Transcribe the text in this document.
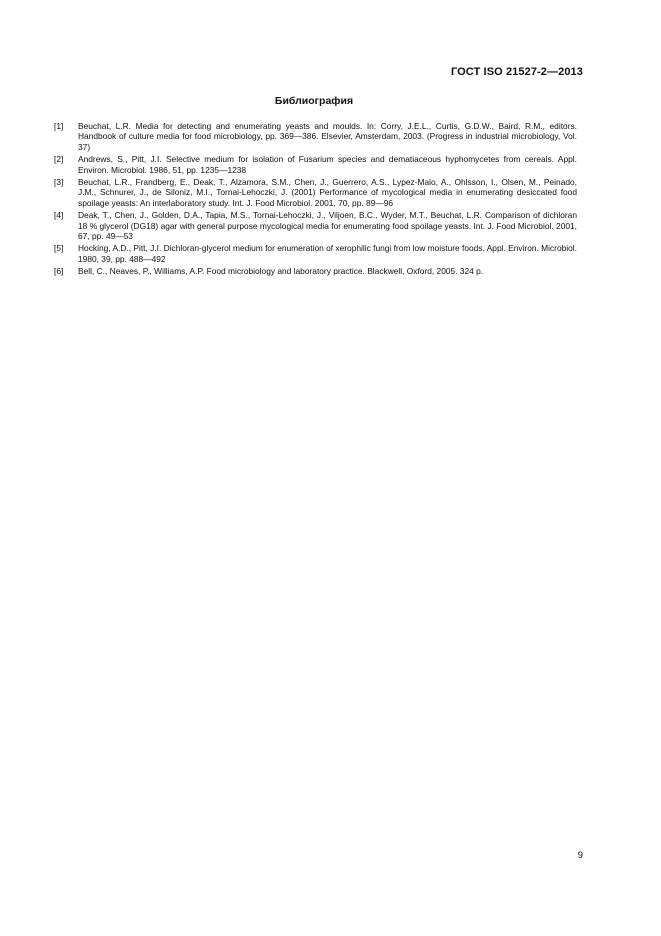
ГОСТ ISO 21527-2—2013
Библиография
[1]	Beuchat, L.R. Media for detecting and enumerating yeasts and moulds. In: Corry, J.E.L., Curtis, G.D.W., Baird, R.M., editors. Handbook of culture media for food microbiology, pp. 369—386. Elsevier, Amsterdam, 2003. (Progress in industrial microbiology, Vol. 37)
[2]	Andrews, S., Pitt, J.I. Selective medium for isolation of Fusarium species and dematiaceous hyphomycetes from cereals. Appl. Environ. Microbiol. 1986, 51, pp. 1235—1238
[3]	Beuchat, L.R., Frandberg, E., Deak, T., Alzamora, S.M., Chen, J., Guerrero, A.S., Lypez-Malo, A., Ohlsson, I., Olsen, M., Peinado, J.M., Schnurer, J., de Siloniz, M.I., Tornai-Lehoczki, J. (2001) Performance of mycological media in enumerating desiccated food spoilage yeasts: An interlaboratory study. Int. J. Food Microbiol. 2001, 70, pp. 89—96
[4]	Deak, T., Chen, J., Golden, D.A., Tapia, M.S., Tornai-Lehoczki, J., Viljoen, B.C., Wyder, M.T., Beuchat, L.R. Comparison of dichloran 18 % glycerol (DG18) agar with general purpose mycological media for enumerating food spoilage yeasts. Int. J. Food Microbiol. 2001, 67, pp. 49—53
[5]	Hocking, A.D., Pitt, J.I. Dichloran-glycerol medium for enumeration of xerophilic fungi from low moisture foods. Appl. Environ. Microbiol. 1980, 39, pp. 488—492
[6]	Bell, C., Neaves, P., Williams, A.P. Food microbiology and laboratory practice. Blackwell, Oxford, 2005. 324 p.
9
